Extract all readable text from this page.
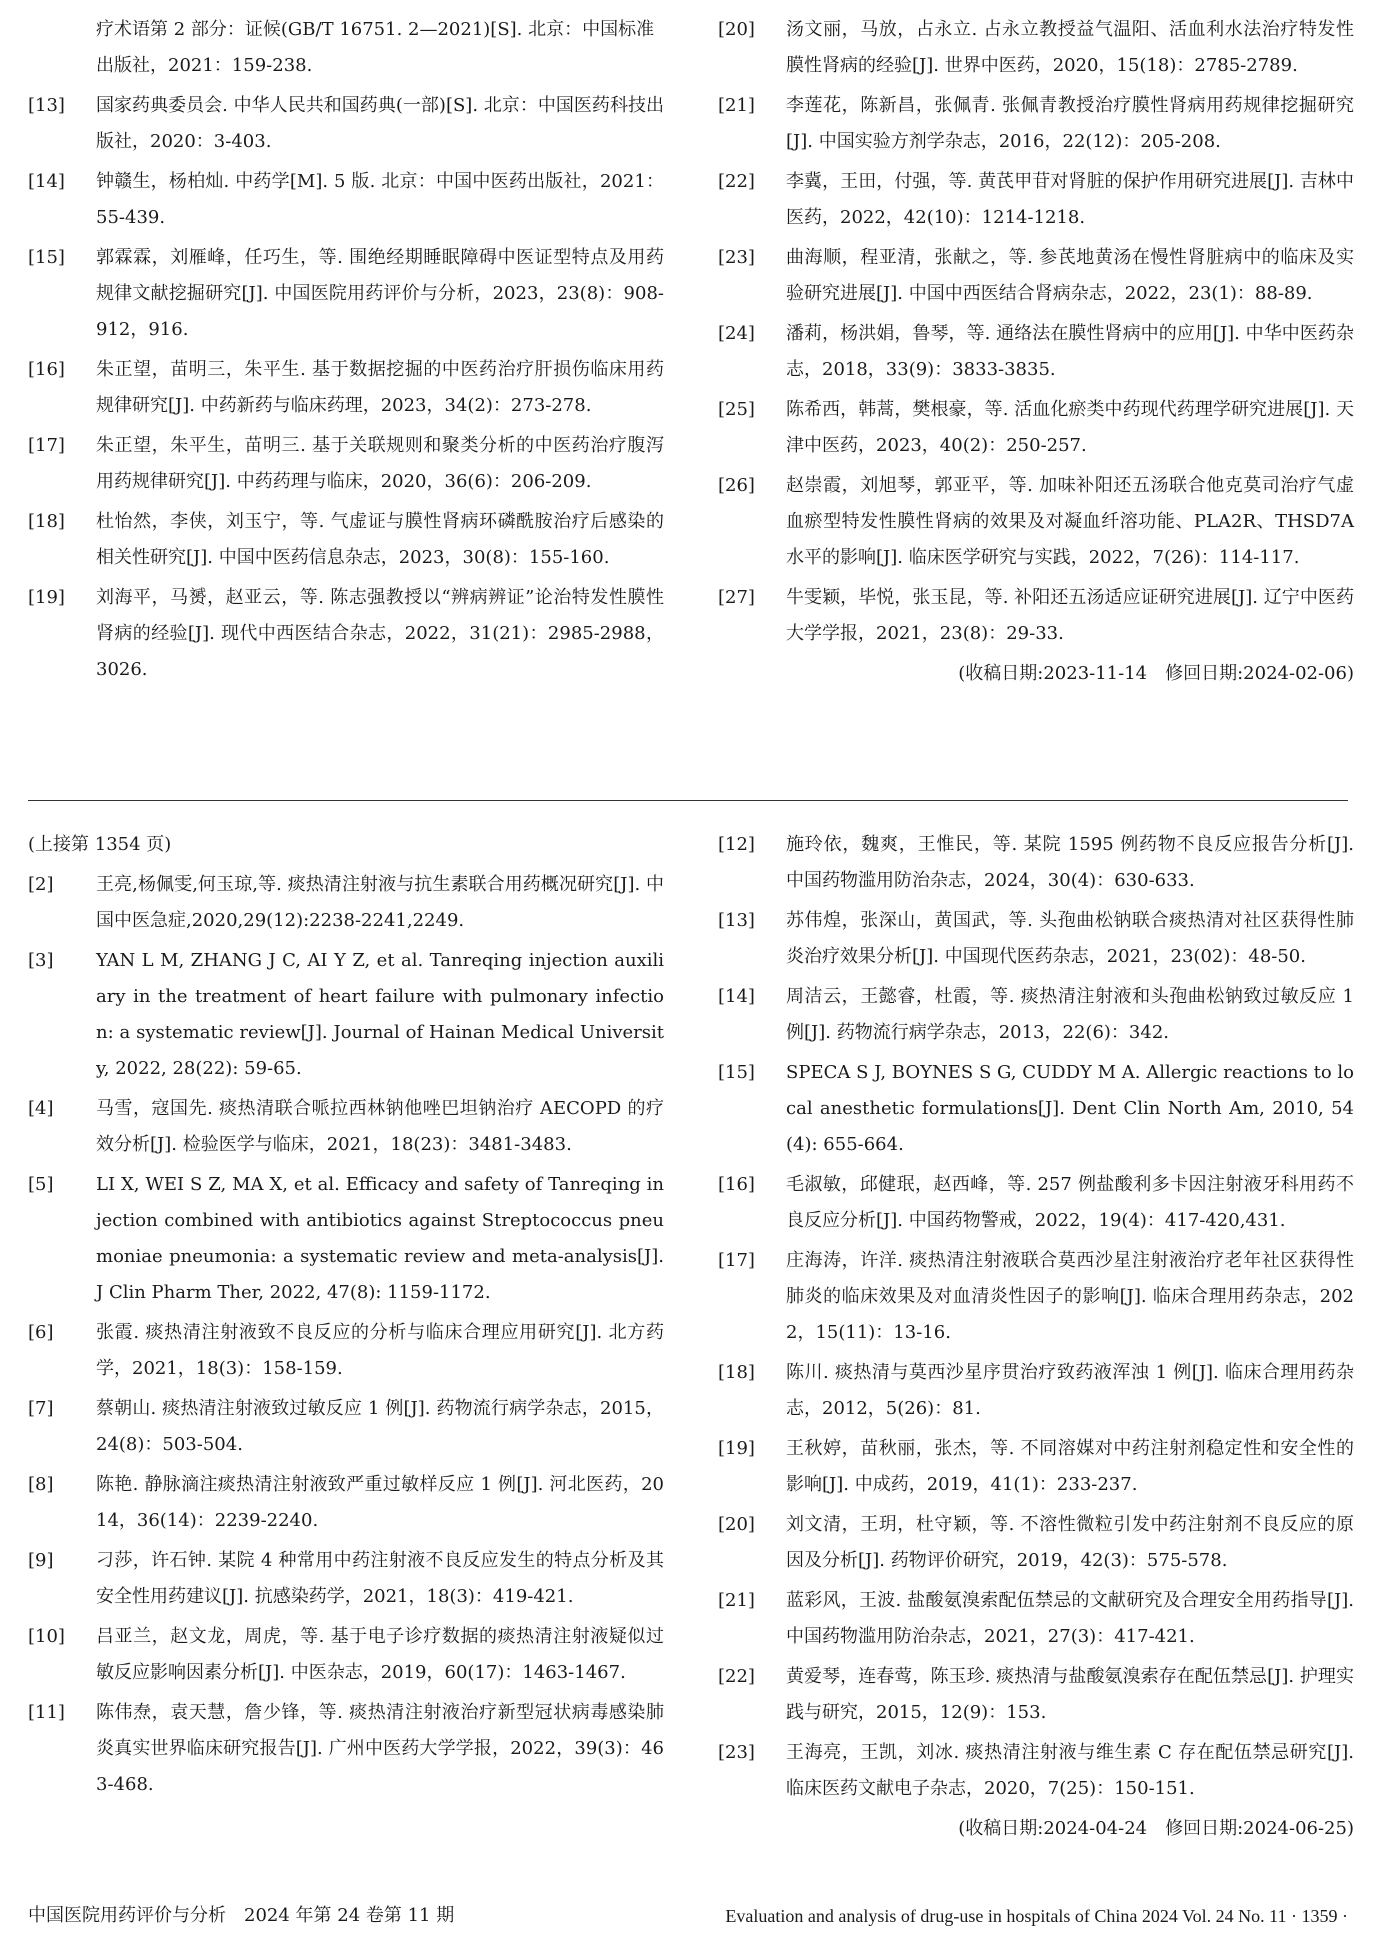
疗术语第 2 部分：证候(GB/T 16751. 2—2021)[S]. 北京：中国标准出版社，2021：159-238.

[13]	国家药典委员会. 中华人民共和国药典(一部)[S]. 北京：中国医药科技出版社，2020：3-403.
[14]	钟赣生，杨柏灿. 中药学[M]. 5 版. 北京：中国中医药出版社，2021：55-439.
[15]	郭霖霖，刘雁峰，任巧生，等. 围绝经期睡眠障碍中医证型特点及用药规律文献挖掘研究[J]. 中国医院用药评价与分析，2023，23(8)：908-912，916.
[16]	朱正望，苗明三，朱平生. 基于数据挖掘的中医药治疗肝损伤临床用药规律研究[J]. 中药新药与临床药理，2023，34(2)：273-278.
[17]	朱正望，朱平生，苗明三. 基于关联规则和聚类分析的中医药治疗腹泻用药规律研究[J]. 中药药理与临床，2020，36(6)：206-209.
[18]	杜怡然，李侠，刘玉宁，等. 气虚证与膜性肾病环磷酰胺治疗后感染的相关性研究[J]. 中国中医药信息杂志，2023，30(8)：155-160.
[19]	刘海平，马赟，赵亚云，等. 陈志强教授以“辨病辨证”论治特发性膜性肾病的经验[J]. 现代中西医结合杂志，2022，31(21)：2985-2988，3026.
[20]	汤文丽，马放，占永立. 占永立教授益气温阳、活血利水法治疗特发性膜性肾病的经验[J]. 世界中医药，2020，15(18)：2785-2789.
[21]	李莲花，陈新昌，张佩青. 张佩青教授治疗膜性肾病用药规律挖掘研究[J]. 中国实验方剂学杂志，2016，22(12)：205-208.
[22]	李冀，王田，付强，等. 黄芪甲苷对肾脏的保护作用研究进展[J]. 吉林中医药，2022，42(10)：1214-1218.
[23]	曲海顺，程亚清，张献之，等. 参芪地黄汤在慢性肾脏病中的临床及实验研究进展[J]. 中国中西医结合肾病杂志，2022，23(1)：88-89.
[24]	潘莉，杨洪娟，鲁琴，等. 通络法在膜性肾病中的应用[J]. 中华中医药杂志，2018，33(9)：3833-3835.
[25]	陈希西，韩蒿，樊根豪，等. 活血化瘀类中药现代药理学研究进展[J]. 天津中医药，2023，40(2)：250-257.
[26]	赵崇霞，刘旭琴，郭亚平，等. 加味补阳还五汤联合他克莫司治疗气虚血瘀型特发性膜性肾病的效果及对凝血纤溶功能、PLA2R、THSD7A 水平的影响[J]. 临床医学研究与实践，2022，7(26)：114-117.
[27]	牛雯颖，毕悦，张玉昆，等. 补阳还五汤适应证研究进展[J]. 辽宁中医药大学学报，2021，23(8)：29-33.
(收稿日期:2023-11-14　修回日期:2024-02-06)

(上接第 1354 页)

[2]	王亮,杨佩雯,何玉琼,等. 痰热清注射液与抗生素联合用药概况研究[J]. 中国中医急症,2020,29(12):2238-2241,2249.
[3]	YAN L M, ZHANG J C, AI Y Z, et al. Tanreqing injection auxiliary in the treatment of heart failure with pulmonary infection: a systematic review[J]. Journal of Hainan Medical University, 2022, 28(22): 59-65.
[4]	马雪，寇国先. 痰热清联合哌拉西林钠他唑巴坦钠治疗 AECOPD 的疗效分析[J]. 检验医学与临床，2021，18(23)：3481-3483.
[5]	LI X, WEI S Z, MA X, et al. Efficacy and safety of Tanreqing injection combined with antibiotics against Streptococcus pneumoniae pneumonia: a systematic review and meta-analysis[J]. J Clin Pharm Ther, 2022, 47(8): 1159-1172.
[6]	张霞. 痰热清注射液致不良反应的分析与临床合理应用研究[J]. 北方药学，2021，18(3)：158-159.
[7]	蔡朝山. 痰热清注射液致过敏反应 1 例[J]. 药物流行病学杂志，2015，24(8)：503-504.
[8]	陈艳. 静脉滴注痰热清注射液致严重过敏样反应 1 例[J]. 河北医药，2014，36(14)：2239-2240.
[9]	刁莎，许石钟. 某院 4 种常用中药注射液不良反应发生的特点分析及其安全性用药建议[J]. 抗感染药学，2021，18(3)：419-421.
[10]	吕亚兰，赵文龙，周虎，等. 基于电子诊疗数据的痰热清注射液疑似过敏反应影响因素分析[J]. 中医杂志，2019，60(17)：1463-1467.
[11]	陈伟焘，袁天慧，詹少锋，等. 痰热清注射液治疗新型冠状病毒感染肺炎真实世界临床研究报告[J]. 广州中医药大学学报，2022，39(3)：463-468.
[12]	施玲依，魏爽，王惟民，等. 某院 1595 例药物不良反应报告分析[J]. 中国药物滥用防治杂志，2024，30(4)：630-633.
[13]	苏伟煌，张深山，黄国武，等. 头孢曲松钠联合痰热清对社区获得性肺炎治疗效果分析[J]. 中国现代医药杂志，2021，23(02)：48-50.
[14]	周洁云，王懿睿，杜霞，等. 痰热清注射液和头孢曲松钠致过敏反应 1 例[J]. 药物流行病学杂志，2013，22(6)：342.
[15]	SPECA S J, BOYNES S G, CUDDY M A. Allergic reactions to local anesthetic formulations[J]. Dent Clin North Am, 2010, 54(4): 655-664.
[16]	毛淑敏，邱健珉，赵西峰，等. 257 例盐酸利多卡因注射液牙科用药不良反应分析[J]. 中国药物警戒，2022，19(4)：417-420,431.
[17]	庄海涛，许洋. 痰热清注射液联合莫西沙星注射液治疗老年社区获得性肺炎的临床效果及对血清炎性因子的影响[J]. 临床合理用药杂志，2022，15(11)：13-16.
[18]	陈川. 痰热清与莫西沙星序贯治疗致药液浑浊 1 例[J]. 临床合理用药杂志，2012，5(26)：81.
[19]	王秋婷，苗秋丽，张杰，等. 不同溶媒对中药注射剂稳定性和安全性的影响[J]. 中成药，2019，41(1)：233-237.
[20]	刘文清，王玥，杜守颖，等. 不溶性微粒引发中药注射剂不良反应的原因及分析[J]. 药物评价研究，2019，42(3)：575-578.
[21]	蓝彩风，王波. 盐酸氨溴索配伍禁忌的文献研究及合理安全用药指导[J]. 中国药物滥用防治杂志，2021，27(3)：417-421.
[22]	黄爱琴，连春莺，陈玉珍. 痰热清与盐酸氨溴索存在配伍禁忌[J]. 护理实践与研究，2015，12(9)：153.
[23]	王海亮，王凯，刘冰. 痰热清注射液与维生素 C 存在配伍禁忌研究[J]. 临床医药文献电子杂志，2020，7(25)：150-151.
(收稿日期:2024-04-24　修回日期:2024-06-25)
中国医院用药评价与分析　2024 年第 24 卷第 11 期	Evaluation and analysis of drug-use in hospitals of China 2024 Vol. 24 No. 11 · 1359 ·
